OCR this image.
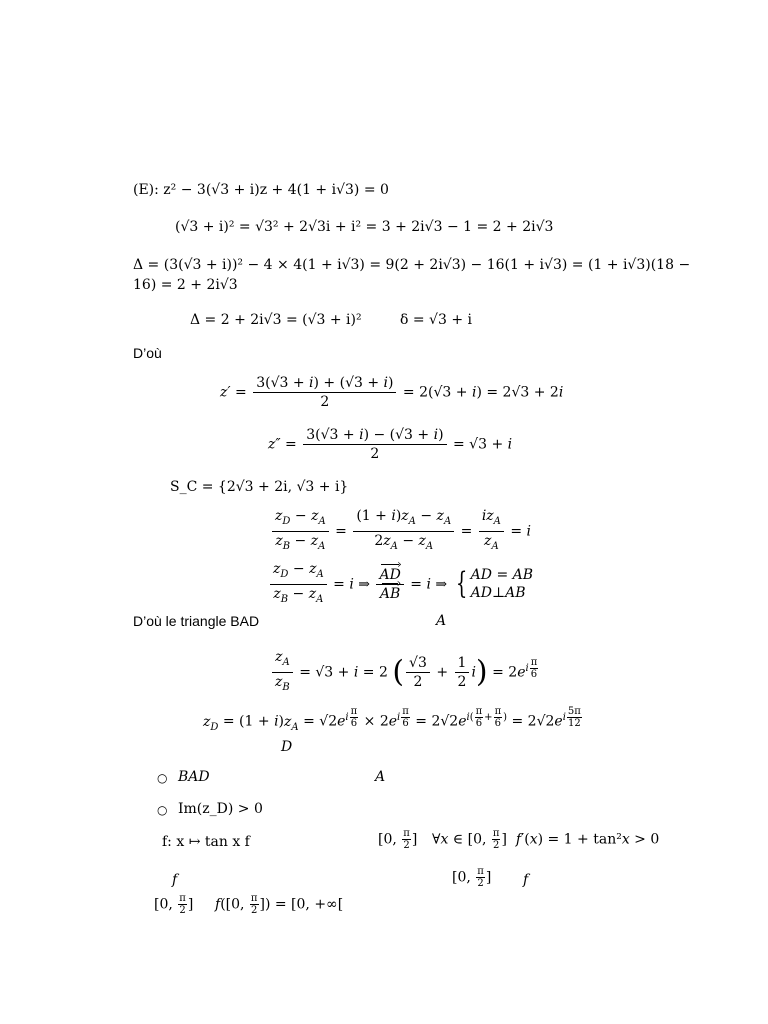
(E): z² − 3(√3 + i)z + 4(1 + i√3) = 0
(√3 + i)² = √3² + 2√3i + i² = 3 + 2i√3 − 1 = 2 + 2i√3
Δ = (3(√3 + i))² − 4 × 4(1 + i√3) = 9(2 + 2i√3) − 16(1 + i√3) = (1 + i√3)(18 −
16) = 2 + 2i√3
Δ = 2 + 2i√3 = (√3 + i)²	δ = √3 + i
D’où
$z' = \frac{3(√3 + i) + (√3 + i)}{2} = 2(√3 + i) = 2√3 + 2i$
$z'' = \frac{3(√3 + i) - (√3 + i)}{2} = √3 + i$
S_C = {2√3 + 2i, √3 + i}
$\frac{z_D - z_A}{z_B - z_A} = \frac{(1 + i)z_A - z_A}{2z_A - z_A} = \frac{iz_A}{z_A} = i$
$\frac{z_D - z_A}{z_B - z_A} = i$ ⇒ $\frac{AD ›}{AB}$ › = i ⇒ { AD = AB
AD⊥AB
D’où le triangle BAD	A
$\frac{z_A}{z_B} = √3 + i = 2$ ( $\frac{√3}{2} + \frac{1}{2} i) = 2e^{i \frac{\pi}{6}}$
$z_D = (1 + i)z_A = √2e^{i \frac{\pi}{6}} \times 2e^{i \frac{\pi}{6}} = 2√2e^{i( \frac{\pi}{6} + \frac{\pi}{6} )} = 2√2e^{i \frac{5\pi}{12}}$
D
○ BAD	A
○ Im(z_D) > 0
f: x ↦ tan x f	[0, $\frac{\pi}{2}$ ] ∀x ∈ [0, $\frac{\pi}{2}$ ]  f′(x) = 1 + tan²x > 0
f	[0, $\frac{\pi}{2}$ ] f
[0, $\frac{\pi}{2}$ ] f([0, $\frac{\pi}{2}$ ]) = [0, +∞[
